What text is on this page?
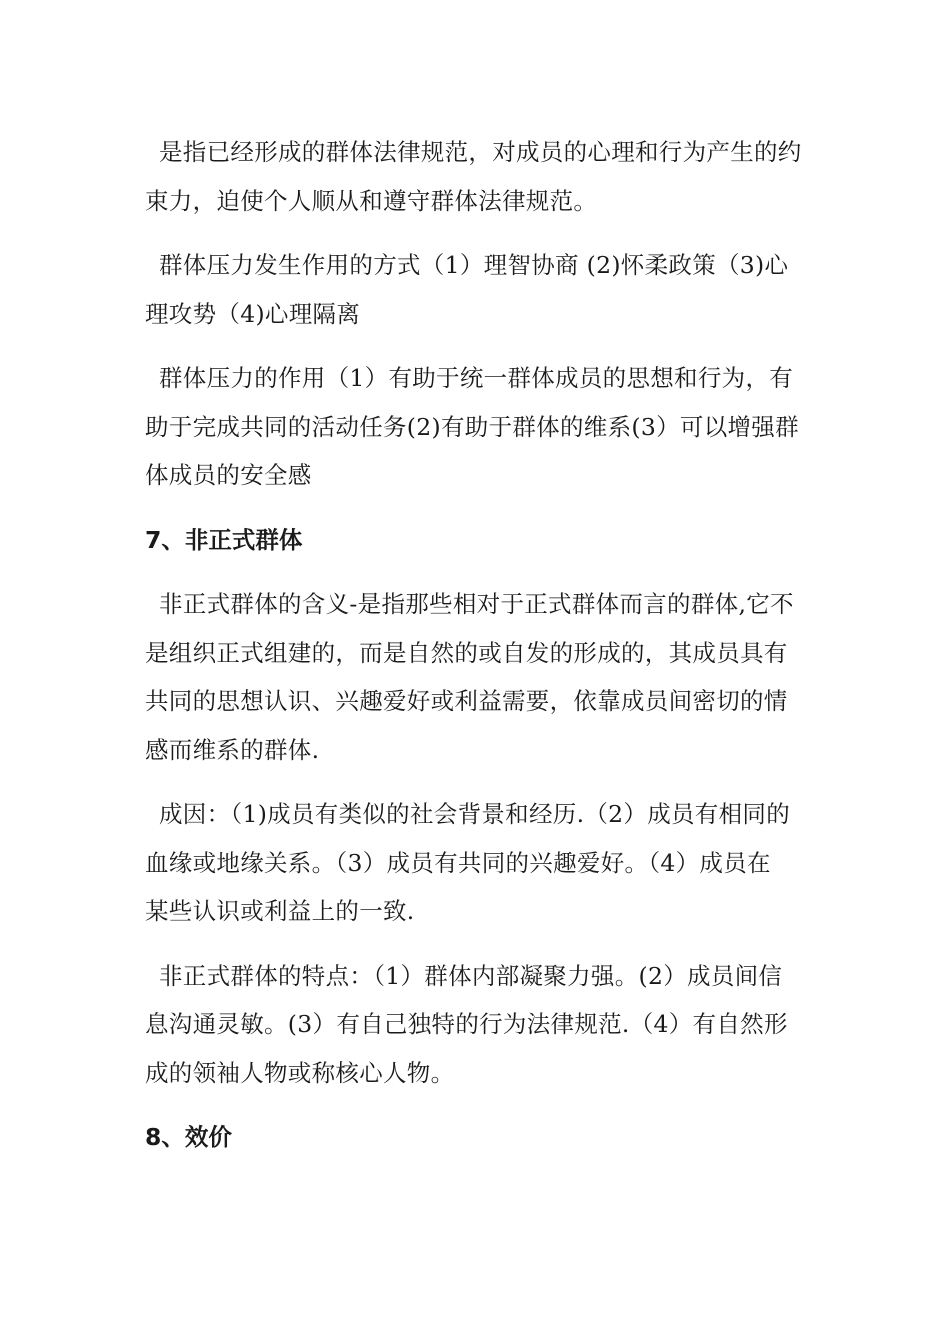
是指已经形成的群体法律规范，对成员的心理和行为产生的约
束力，迫使个人顺从和遵守群体法律规范。

群体压力发生作用的方式（1）理智协商 (2)怀柔政策（3)心
理攻势（4)心理隔离

群体压力的作用（1）有助于统一群体成员的思想和行为，有
助于完成共同的活动任务(2)有助于群体的维系(3）可以增强群
体成员的安全感

7、非正式群体

非正式群体的含义-是指那些相对于正式群体而言的群体,它不
是组织正式组建的，而是自然的或自发的形成的，其成员具有
共同的思想认识、兴趣爱好或利益需要，依靠成员间密切的情
感而维系的群体.

成因：（1)成员有类似的社会背景和经历.（2）成员有相同的
血缘或地缘关系。（3）成员有共同的兴趣爱好。（4）成员在
某些认识或利益上的一致.

非正式群体的特点：（1）群体内部凝聚力强。(2）成员间信
息沟通灵敏。(3）有自己独特的行为法律规范.（4）有自然形
成的领袖人物或称核心人物。

8、效价
